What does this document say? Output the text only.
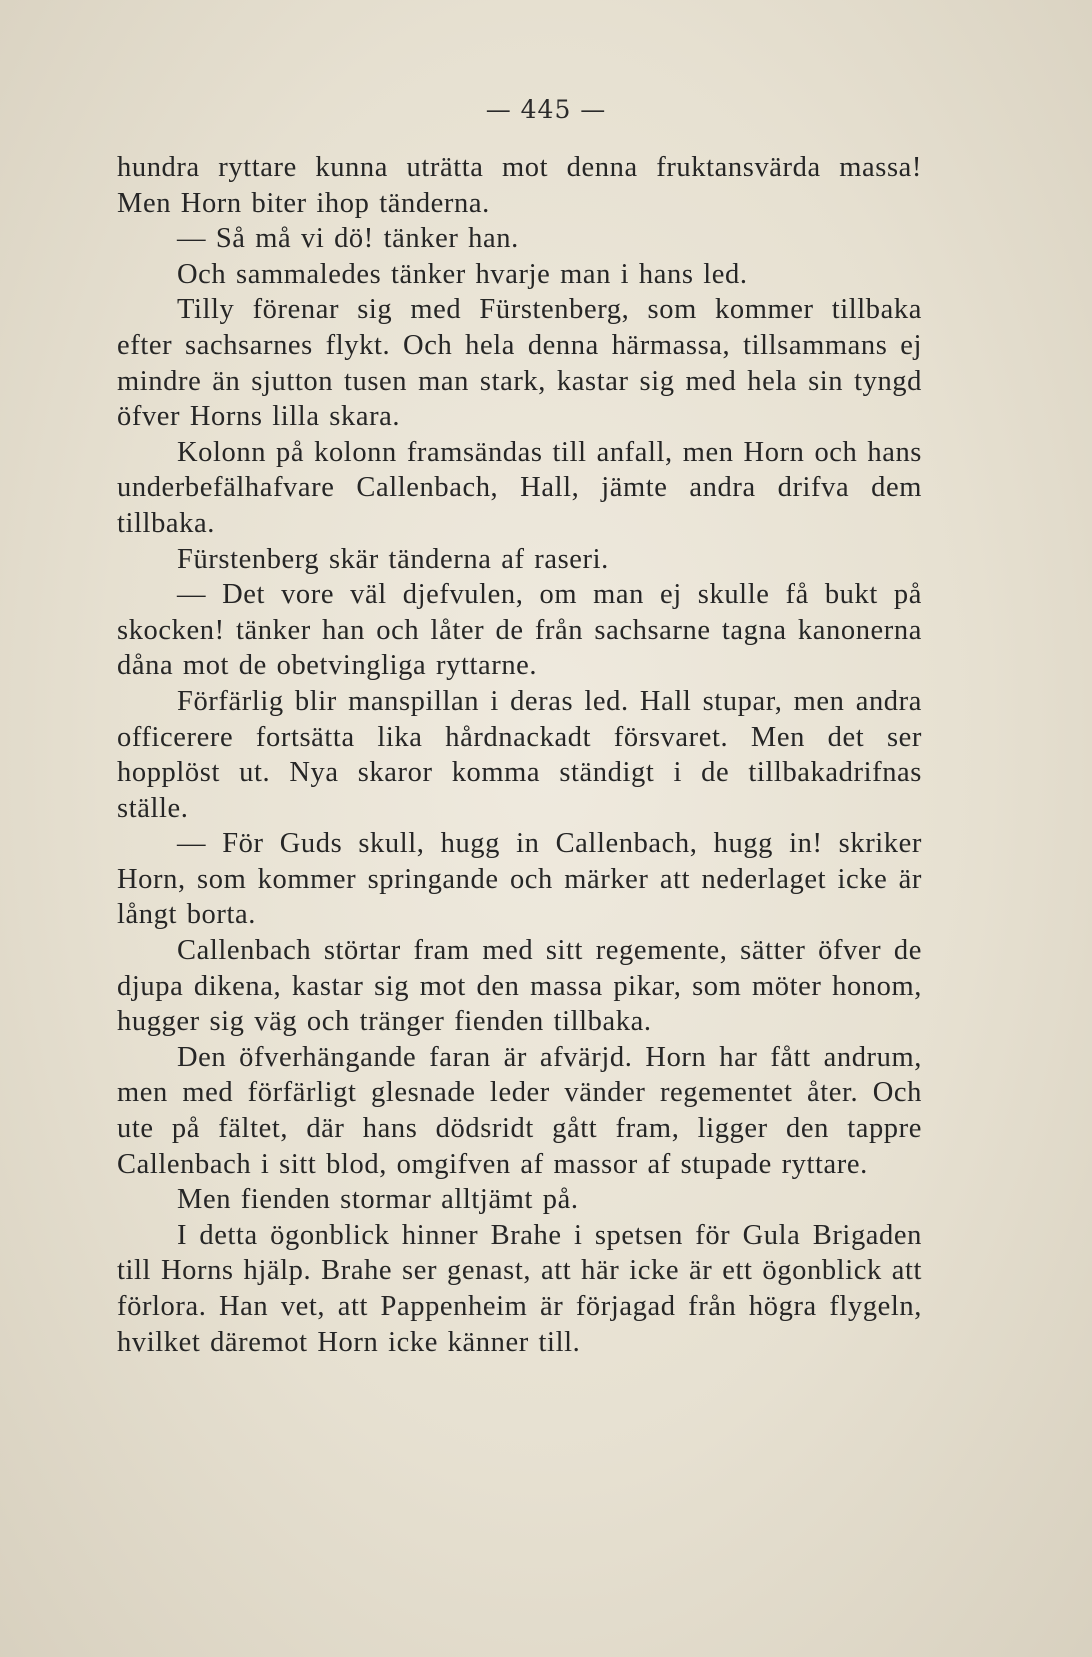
— 445 —

hundra ryttare kunna uträtta mot denna fruktansvärda massa! Men Horn biter ihop tänderna.

— Så må vi dö! tänker han.

Och sammaledes tänker hvarje man i hans led.

Tilly förenar sig med Fürstenberg, som kommer tillbaka efter sachsarnes flykt. Och hela denna härmassa, tillsammans ej mindre än sjutton tusen man stark, kastar sig med hela sin tyngd öfver Horns lilla skara.

Kolonn på kolonn framsändas till anfall, men Horn och hans underbefälhafvare Callenbach, Hall, jämte andra drifva dem tillbaka.

Fürstenberg skär tänderna af raseri.

— Det vore väl djefvulen, om man ej skulle få bukt på skocken! tänker han och låter de från sachsarne tagna kanonerna dåna mot de obetvingliga ryttarne.

Förfärlig blir manspillan i deras led. Hall stupar, men andra officerere fortsätta lika hårdnackadt försvaret. Men det ser hopplöst ut. Nya skaror komma ständigt i de tillbakadrifnas ställe.

— För Guds skull, hugg in Callenbach, hugg in! skriker Horn, som kommer springande och märker att nederlaget icke är långt borta.

Callenbach störtar fram med sitt regemente, sätter öfver de djupa dikena, kastar sig mot den massa pikar, som möter honom, hugger sig väg och tränger fienden tillbaka.

Den öfverhängande faran är afvärjd. Horn har fått andrum, men med förfärligt glesnade leder vänder regementet åter. Och ute på fältet, där hans dödsridt gått fram, ligger den tappre Callenbach i sitt blod, omgifven af massor af stupade ryttare.

Men fienden stormar alltjämt på.

I detta ögonblick hinner Brahe i spetsen för Gula Brigaden till Horns hjälp. Brahe ser genast, att här icke är ett ögonblick att förlora. Han vet, att Pappenheim är förjagad från högra flygeln, hvilket däremot Horn icke känner till.
